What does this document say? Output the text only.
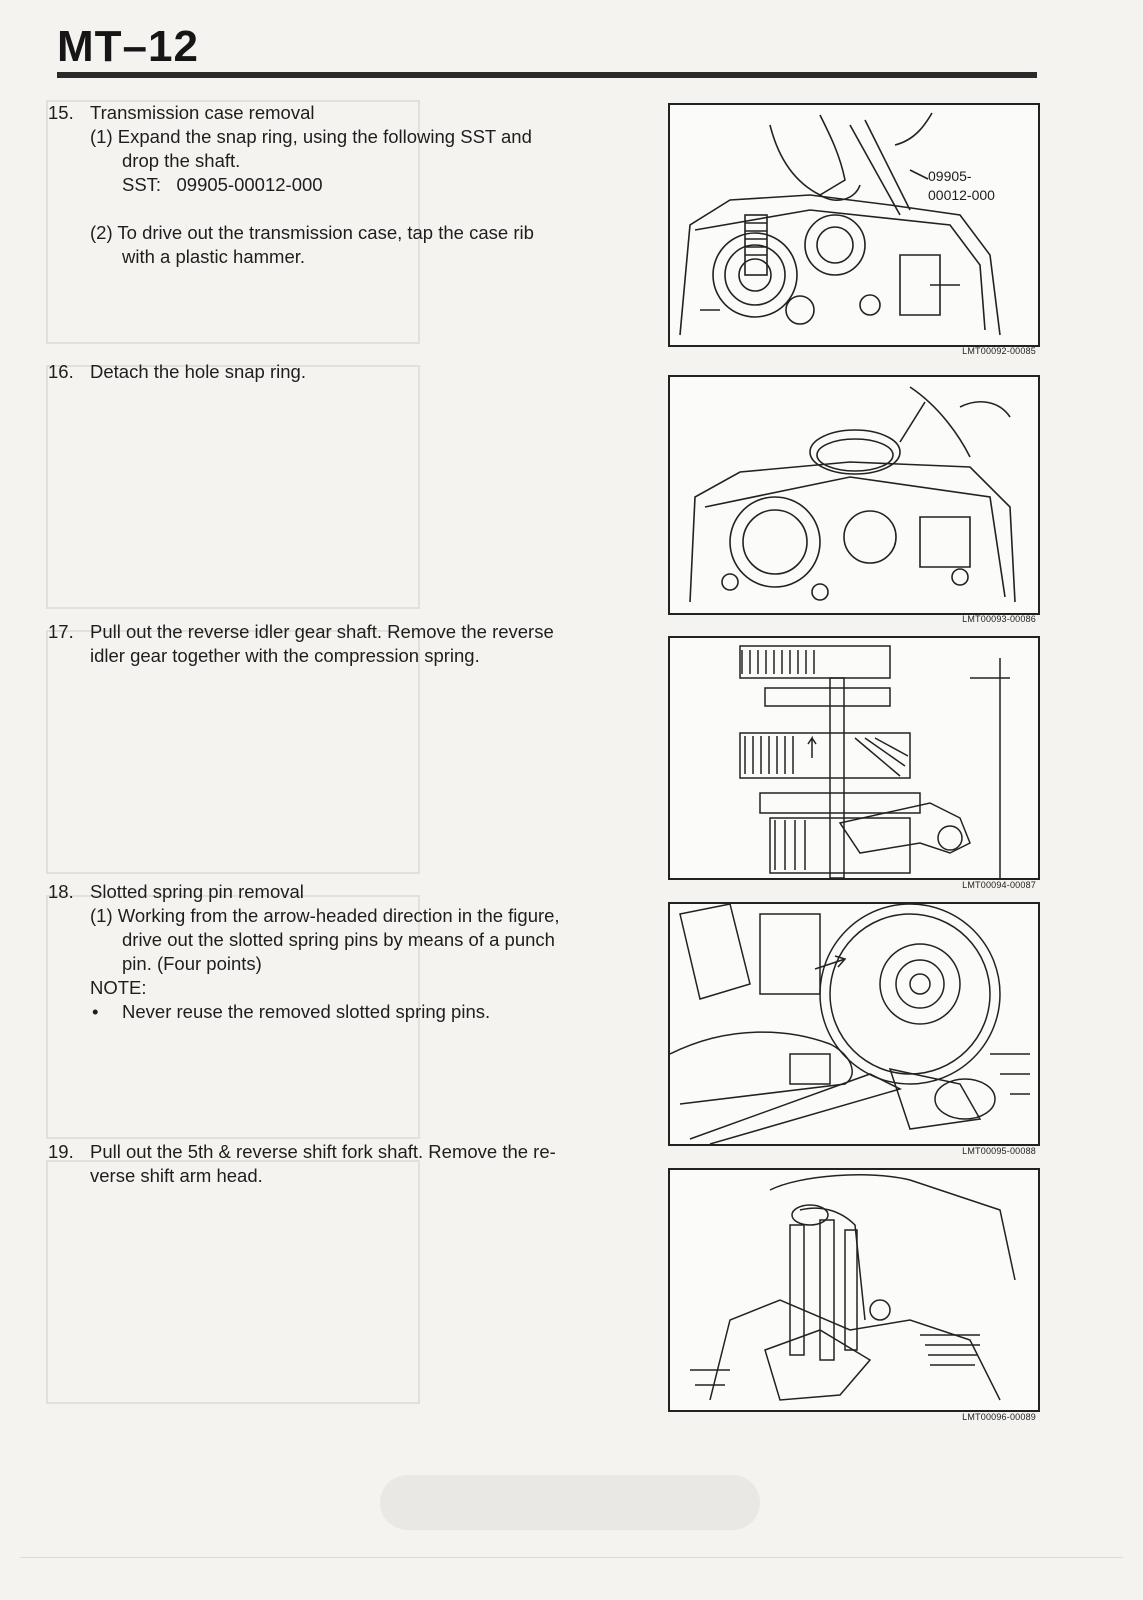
MT–12
15. Transmission case removal
(1) Expand the snap ring, using the following SST and
drop the shaft.
SST:   09905-00012-000
(2) To drive out the transmission case, tap the case rib
with a plastic hammer.
16. Detach the hole snap ring.
17. Pull out the reverse idler gear shaft. Remove the reverse
idler gear together with the compression spring.
18. Slotted spring pin removal
(1) Working from the arrow-headed direction in the figure,
drive out the slotted spring pins by means of a punch
pin. (Four points)
NOTE:
• Never reuse the removed slotted spring pins.
19. Pull out the 5th & reverse shift fork shaft. Remove the re-
verse shift arm head.
09905-
00012-000
LMT00092-00085
LMT00093-00086
LMT00094-00087
LMT00095-00088
LMT00096-00089
